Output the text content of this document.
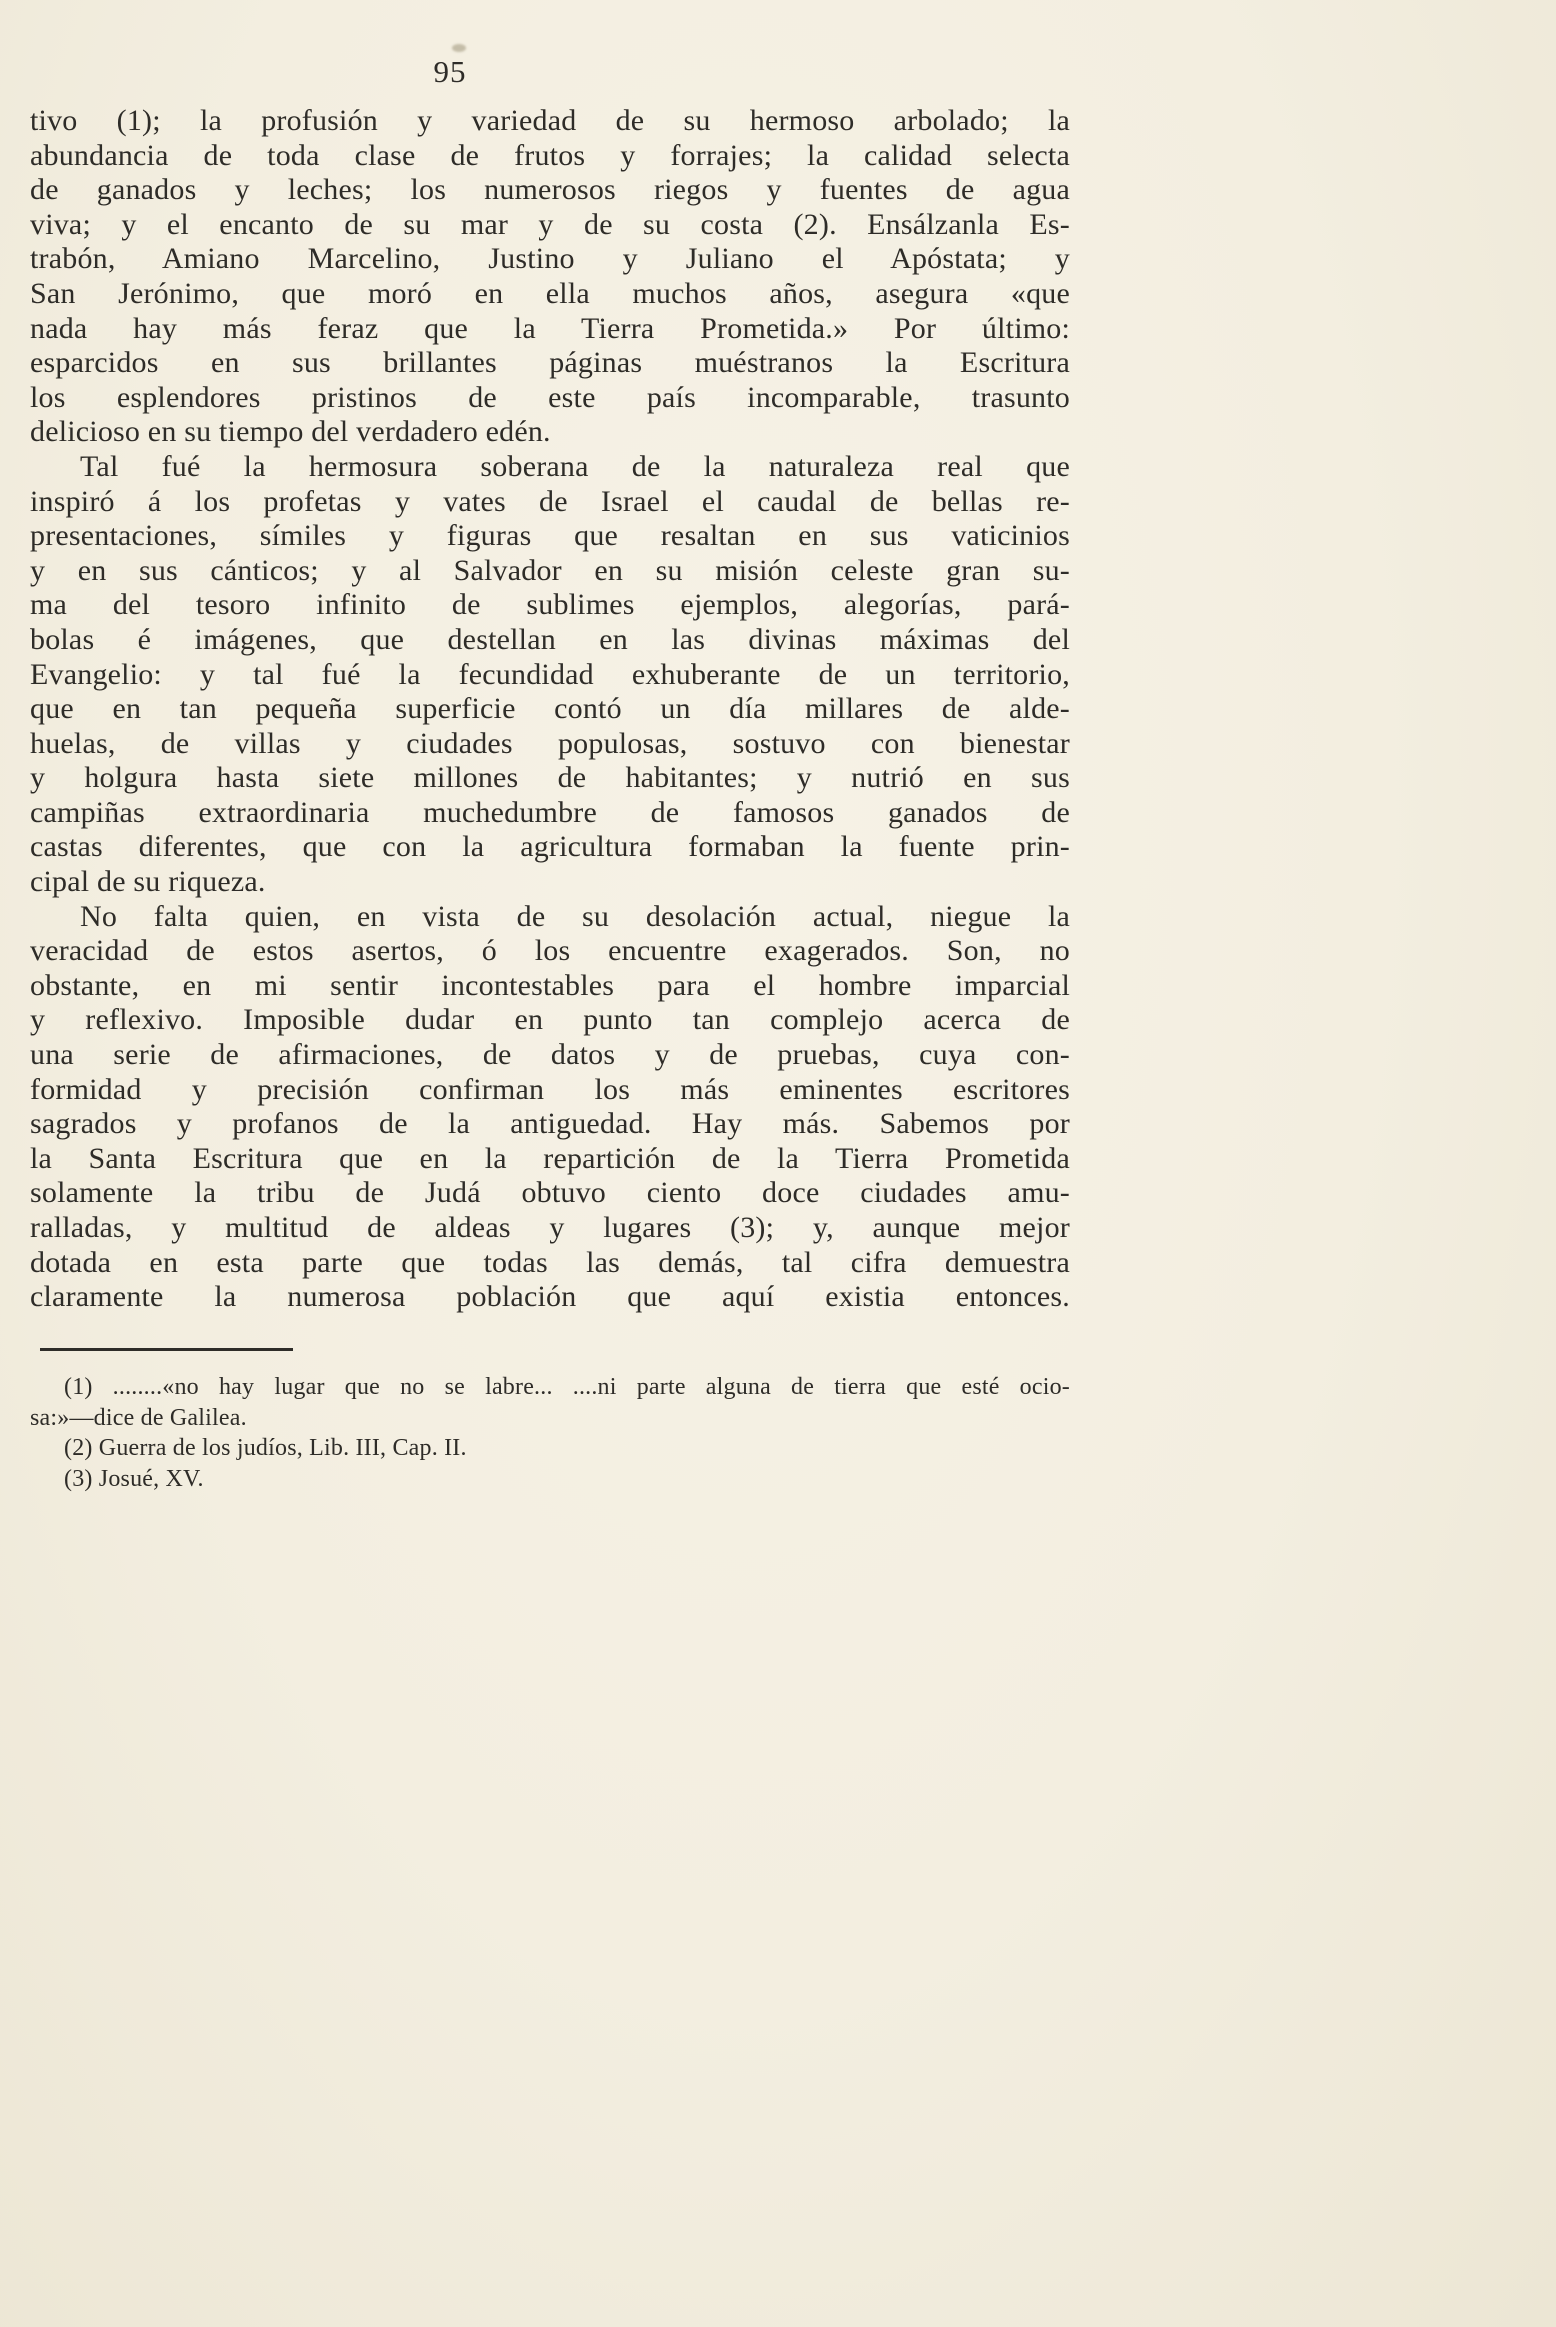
95
tivo (1); la profusión y variedad de su hermoso arbolado; la
abundancia de toda clase de frutos y forrajes; la calidad selecta
de ganados y leches; los numerosos riegos y fuentes de agua
viva; y el encanto de su mar y de su costa (2). Ensálzanla Es-
trabón, Amiano Marcelino, Justino y Juliano el Apóstata; y
San Jerónimo, que moró en ella muchos años, asegura «que
nada hay más feraz que la Tierra Prometida.» Por último:
esparcidos en sus brillantes páginas muéstranos la Escritura
los esplendores pristinos de este país incomparable, trasunto
delicioso en su tiempo del verdadero edén.
Tal fué la hermosura soberana de la naturaleza real que
inspiró á los profetas y vates de Israel el caudal de bellas re-
presentaciones, símiles y figuras que resaltan en sus vaticinios
y en sus cánticos; y al Salvador en su misión celeste gran su-
ma del tesoro infinito de sublimes ejemplos, alegorías, pará-
bolas é imágenes, que destellan en las divinas máximas del
Evangelio: y tal fué la fecundidad exhuberante de un territorio,
que en tan pequeña superficie contó un día millares de alde-
huelas, de villas y ciudades populosas, sostuvo con bienestar
y holgura hasta siete millones de habitantes; y nutrió en sus
campiñas extraordinaria muchedumbre de famosos ganados de
castas diferentes, que con la agricultura formaban la fuente prin-
cipal de su riqueza.
No falta quien, en vista de su desolación actual, niegue la
veracidad de estos asertos, ó los encuentre exagerados. Son, no
obstante, en mi sentir incontestables para el hombre imparcial
y reflexivo. Imposible dudar en punto tan complejo acerca de
una serie de afirmaciones, de datos y de pruebas, cuya con-
formidad y precisión confirman los más eminentes escritores
sagrados y profanos de la antiguedad. Hay más. Sabemos por
la Santa Escritura que en la repartición de la Tierra Prometida
solamente la tribu de Judá obtuvo ciento doce ciudades amu-
ralladas, y multitud de aldeas y lugares (3); y, aunque mejor
dotada en esta parte que todas las demás, tal cifra demuestra
claramente la numerosa población que aquí existia entonces.
(1) ........«no hay lugar que no se labre... ....ni parte alguna de tierra que esté ocio-
sa:»—dice de Galilea.
(2) Guerra de los judíos, Lib. III, Cap. II.
(3) Josué, XV.
